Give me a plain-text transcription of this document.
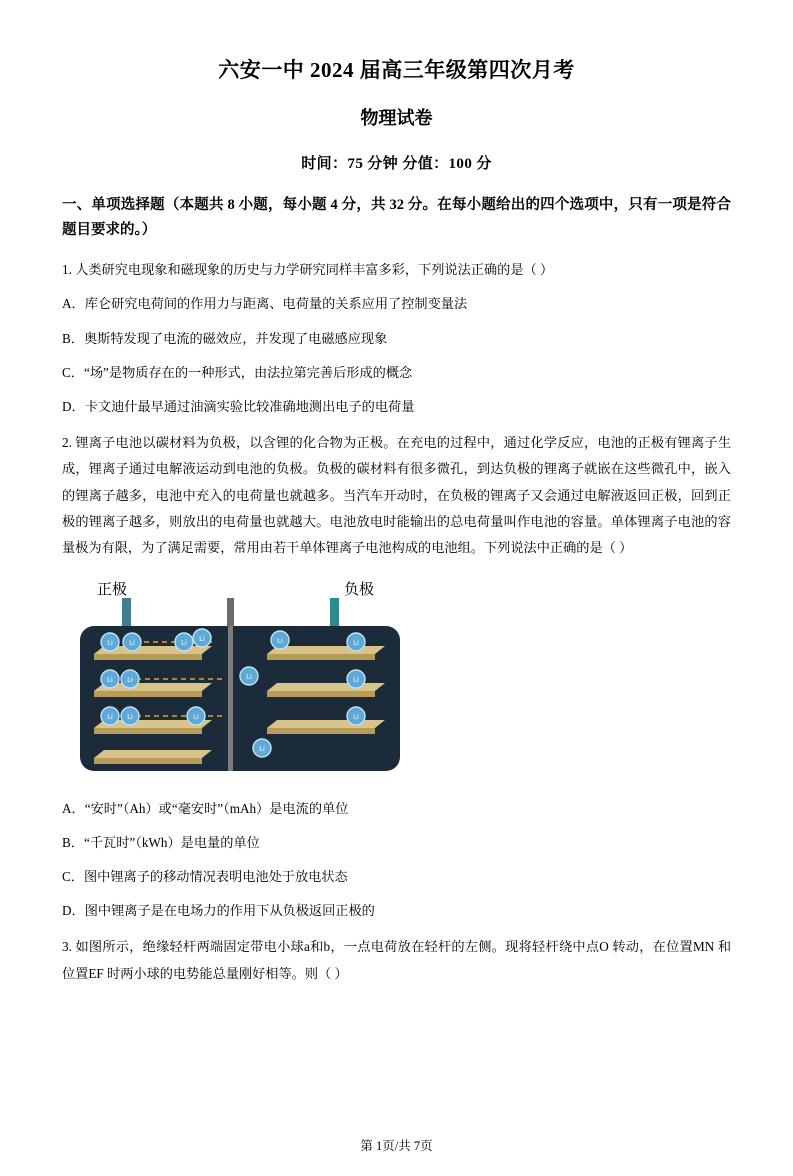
六安一中 2024 届高三年级第四次月考
物理试卷
时间：75 分钟 分值：100 分
一、单项选择题（本题共 8 小题，每小题 4 分，共 32 分。在每小题给出的四个选项中，只有一项是符合题目要求的。）
1. 人类研究电现象和磁现象的历史与力学研究同样丰富多彩，下列说法正确的是（ ）
A．库仑研究电荷间的作用力与距离、电荷量的关系应用了控制变量法
B．奥斯特发现了电流的磁效应，并发现了电磁感应现象
C．“场”是物质存在的一种形式，由法拉第完善后形成的概念
D．卡文迪什最早通过油滴实验比较准确地测出电子的电荷量
2. 锂离子电池以碳材料为负极，以含锂的化合物为正极。在充电的过程中，通过化学反应，电池的正极有锂离子生成，锂离子通过电解液运动到电池的负极。负极的碳材料有很多微孔，到达负极的锂离子就嵌在这些微孔中，嵌入的锂离子越多，电池中充入的电荷量也就越多。当汽车开动时，在负极的锂离子又会通过电解液返回正极，回到正极的锂离子越多，则放出的电荷量也就越大。电池放电时能输出的总电荷量叫作电池的容量。单体锂离子电池的容量极为有限，为了满足需要，常用由若干单体锂离子电池构成的电池组。下列说法中正确的是（ ）
正极	负极
Li Li	Li
Li	Li	Li
Li Li	Li	Li
Li Li	Li	Li
Li
A．“安时”（Ah）或“毫安时”（mAh）是电流的单位
B．“千瓦时”（kWh）是电量的单位
C．图中锂离子的移动情况表明电池处于放电状态
D．图中锂离子是在电场力的作用下从负极返回正极的
3. 如图所示，绝缘轻杆两端固定带电小球a和b，一点电荷放在轻杆的左侧。现将轻杆绕中点O 转动，在位置MN 和位置EF 时两小球的电势能总量刚好相等。则（ ）
第 1页/共 7页
